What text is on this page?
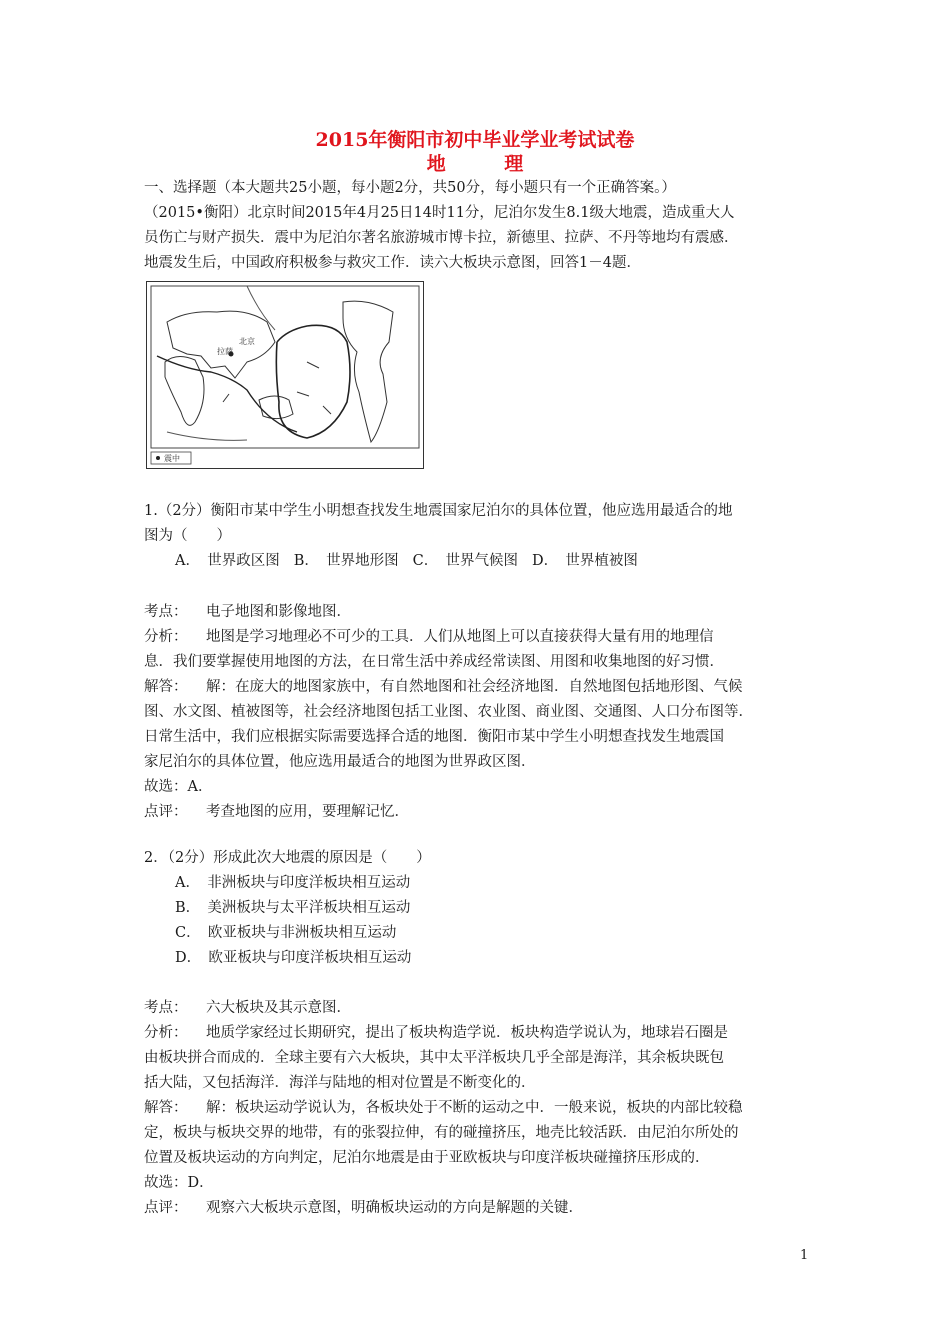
2015年衡阳市初中毕业学业考试试卷
地 理
一、选择题（本大题共25小题，每小题2分，共50分，每小题只有一个正确答案。）
（2015•衡阳）北京时间2015年4月25日14时11分，尼泊尔发生8.1级大地震，造成重大人
员伤亡与财产损失．震中为尼泊尔著名旅游城市博卡拉，新德里、拉萨、不丹等地均有震感．
地震发生后，中国政府积极参与救灾工作．读六大板块示意图，回答1－4题．
北京
拉萨
震中
1.（2分）衡阳市某中学生小明想查找发生地震国家尼泊尔的具体位置，他应选用最适合的地
图为（　　）
A．　世界政区图 B．　世界地形图 C．　世界气候图 D．　世界植被图
考点： 电子地图和影像地图．
分析： 地图是学习地理必不可少的工具．人们从地图上可以直接获得大量有用的地理信
息．我们要掌握使用地图的方法，在日常生活中养成经常读图、用图和收集地图的好习惯．
解答： 解：在庞大的地图家族中，有自然地图和社会经济地图．自然地图包括地形图、气候
图、水文图、植被图等，社会经济地图包括工业图、农业图、商业图、交通图、人口分布图等．
日常生活中，我们应根据实际需要选择合适的地图．衡阳市某中学生小明想查找发生地震国
家尼泊尔的具体位置，他应选用最适合的地图为世界政区图．
故选：A．
点评： 考查地图的应用，要理解记忆．
2．（2分）形成此次大地震的原因是（　　）
A．　非洲板块与印度洋板块相互运动
B．　美洲板块与太平洋板块相互运动
C．　欧亚板块与非洲板块相互运动
D．　欧亚板块与印度洋板块相互运动
考点： 六大板块及其示意图．
分析： 地质学家经过长期研究，提出了板块构造学说．板块构造学说认为，地球岩石圈是
由板块拼合而成的．全球主要有六大板块，其中太平洋板块几乎全部是海洋，其余板块既包
括大陆，又包括海洋．海洋与陆地的相对位置是不断变化的．
解答： 解：板块运动学说认为，各板块处于不断的运动之中．一般来说，板块的内部比较稳
定，板块与板块交界的地带，有的张裂拉伸，有的碰撞挤压，地壳比较活跃．由尼泊尔所处的
位置及板块运动的方向判定，尼泊尔地震是由于亚欧板块与印度洋板块碰撞挤压形成的．
故选：D．
点评： 观察六大板块示意图，明确板块运动的方向是解题的关键．
1
